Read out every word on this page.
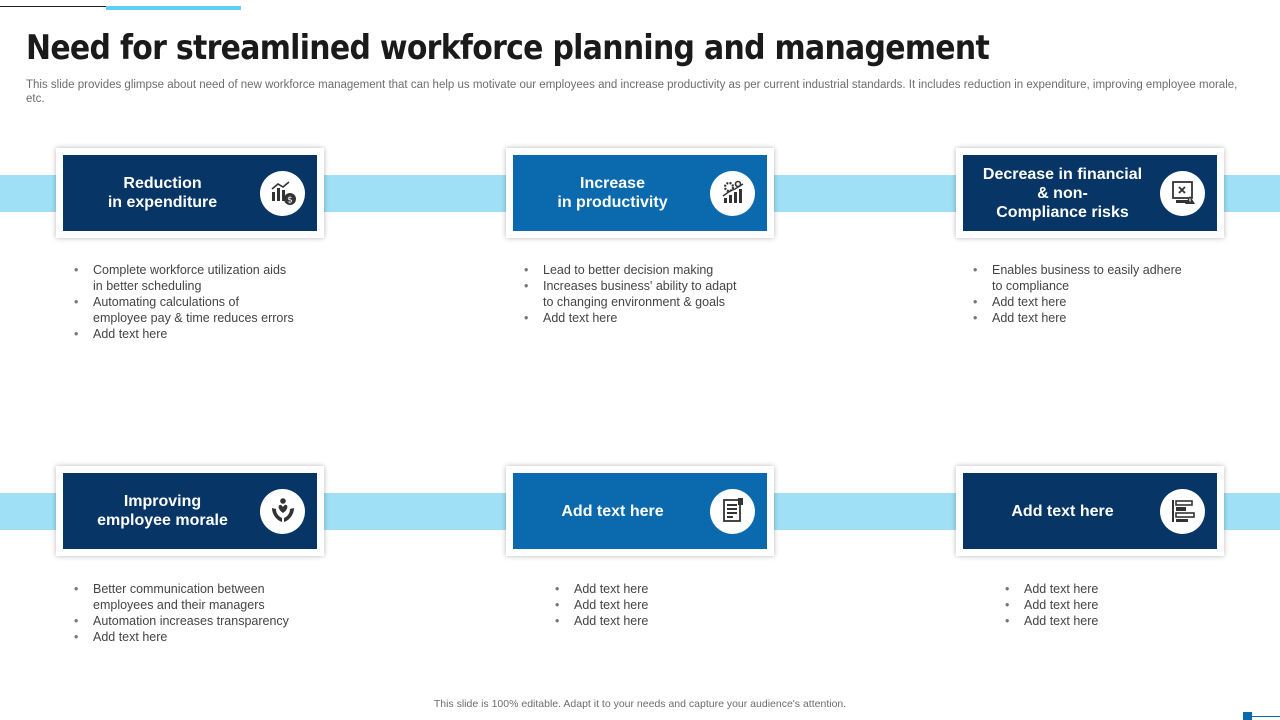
Need for streamlined workforce planning and management

This slide provides glimpse about need of new workforce management that can help us motivate our employees and increase productivity as per current industrial standards. It includes reduction in expenditure, improving employee morale, etc.

Reduction
in expenditure	$
• Complete workforce utilization aids
in better scheduling
• Automating calculations of
employee pay & time reduces errors
• Add text here
Increase
in productivity
• Lead to better decision making
• Increases business' ability to adapt
to changing environment & goals
• Add text here
Decrease in financial
& non-
Compliance risks
• Enables business to easily adhere
to compliance
• Add text here
• Add text here
Improving
employee morale
• Better communication between
employees and their managers
• Automation increases transparency
• Add text here
Add text here
• Add text here
• Add text here
• Add text here
Add text here
• Add text here
• Add text here
• Add text here

This slide is 100% editable. Adapt it to your needs and capture your audience's attention.
